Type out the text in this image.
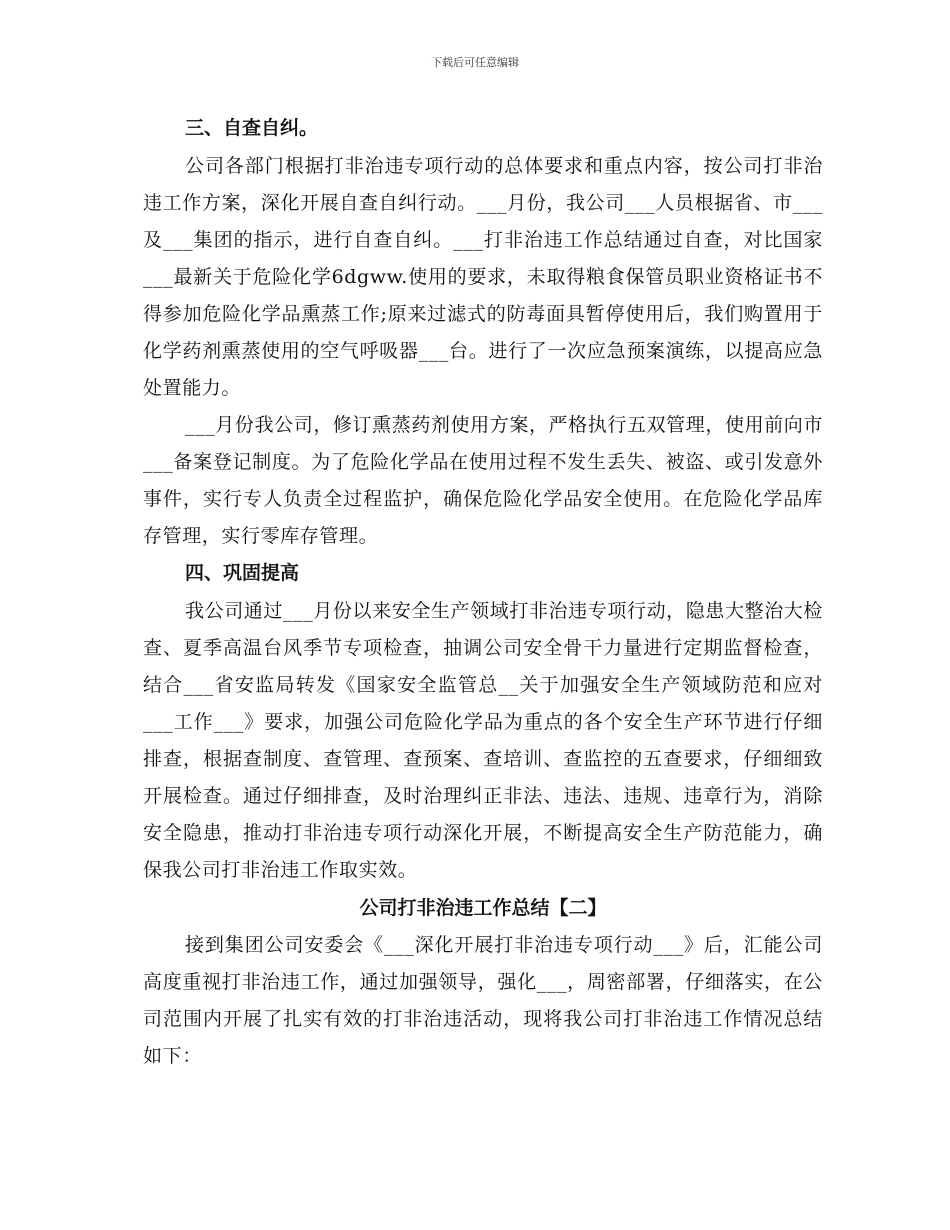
下载后可任意编辑

三、自查自纠。

公司各部门根据打非治违专项行动的总体要求和重点内容，按公司打非治违工作方案，深化开展自查自纠行动。___月份，我公司___人员根据省、市___及___集团的指示，进行自查自纠。___打非治违工作总结通过自查，对比国家___最新关于危险化学6dgww.使用的要求，未取得粮食保管员职业资格证书不得参加危险化学品熏蒸工作;原来过滤式的防毒面具暂停使用后，我们购置用于化学药剂熏蒸使用的空气呼吸器___台。进行了一次应急预案演练，以提高应急处置能力。

___月份我公司，修订熏蒸药剂使用方案，严格执行五双管理，使用前向市___备案登记制度。为了危险化学品在使用过程不发生丢失、被盗、或引发意外事件，实行专人负责全过程监护，确保危险化学品安全使用。在危险化学品库存管理，实行零库存管理。

四、巩固提高

我公司通过___月份以来安全生产领域打非治违专项行动，隐患大整治大检查、夏季高温台风季节专项检查，抽调公司安全骨干力量进行定期监督检查，结合___省安监局转发《国家安全监管总__关于加强安全生产领域防范和应对___工作___》要求，加强公司危险化学品为重点的各个安全生产环节进行仔细排查，根据查制度、查管理、查预案、查培训、查监控的五查要求，仔细细致开展检查。通过仔细排查，及时治理纠正非法、违法、违规、违章行为，消除安全隐患，推动打非治违专项行动深化开展，不断提高安全生产防范能力，确保我公司打非治违工作取实效。

公司打非治违工作总结【二】

接到集团公司安委会《___深化开展打非治违专项行动___》后，汇能公司高度重视打非治违工作，通过加强领导，强化___，周密部署，仔细落实，在公司范围内开展了扎实有效的打非治违活动，现将我公司打非治违工作情况总结如下：
